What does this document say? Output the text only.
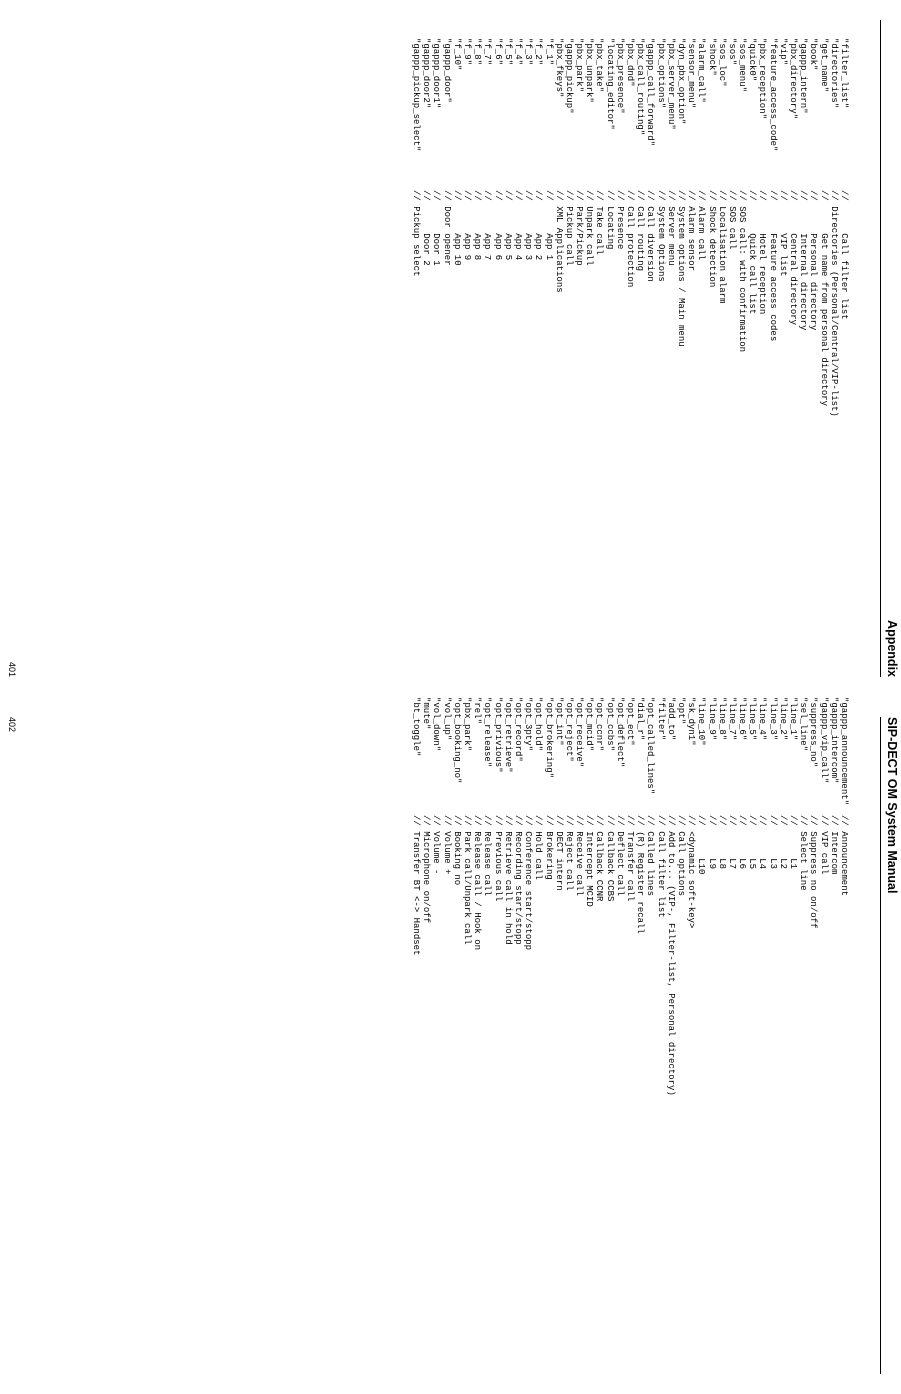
Appendix
"filter_list"
//      Call filter list
"directories"
// Directories (Personal/Central/VIP-list)
"get_name"
//      Get name from personal directory
"book"
//      Personal directory
"gappp_intern"
//      Internal directory
"pbx_directory"
//      Central directory
"vip"
//      VIP list
"feature_access_code"
//      Feature access codes
"pbx_reception"
//      Hotel reception
"quick0"
//      Quick call list
"sos_menu"
// SOS call: with confirmation
"sos"
// SOS call
"sos_loc"
// Localisation alarm
"shock"
// Shock detection
"alarm_call"
// Alarm call
"sensor_menu"
// Alarm sensor
"dyn_pbx_option"
// System options / Main menu
"pbx_server_menu"
// Server menu
"pbx_options"
// System Options
"gappp_call_forward"
// Call diversion
"pbx_call_routing"
// Call routing
"pbx_dnd"
// Call protection
"pbx_presence"
// Presence
"locating_editor"
// Locating
"pbx_take"
// Take call
"pbx_unpark"
// Unpark call
"pbx_park"
// Park/Pickup
"gappp_pickup"
// Pickup call
"pbx_fkeys"
// XML Applications
"f_1"
//      App 1
"f_2"
//      App 2
"f_3"
//      App 3
"f_4"
//      App 4
"f_5"
//      App 5
"f_6"
//      App 6
"f_7"
//      App 7
"f_8"
//      App 8
"f_9"
//      App 9
"f_10"
//      App 10
"gappp_door"
// Door opener
"gappp_door1"
//      Door 1
"gappp_door2"
//      Door 2
"gappp_pickup_select"
// Pickup select
401
SIP-DECT OM System Manual
"gappp_announcement"
// Announcement
"gappp_intercom"
// Intercom
"gappp_vip_call"
// VIP call
"suppress_no"
// Suppress no on/off
"sel_line"
// Select line
"line_1"
//      L1
"line_2"
//      L2
"line_3"
//      L3
"line_4"
//      L4
"line_5"
//      L5
"line_6"
//      L6
"line_7"
//      L7
"line_8"
//      L8
"line_9"
//      L9
"line_10"
//      L10
"sk_dyn1"
// <dynamic soft-key>
"opt"
// Call options
"add_to"
// Add to... (VIP-, Filter-list, Personal directory)
"filter"
// Call filter list
"opt_called_lines"
// Called lines
"dial_r"
// (R) Register recall
"opt_ect"
// Transfer call
"opt_deflect"
// Deflect call
"opt_ccbs"
// Callback CCBS
"opt_ccnr"
// Callback CCNR
"opt_mcid"
// Intercept MCID
"opt_receive"
// Receive call
"opt_reject"
// Reject call
"opt_int"
// DECT intern
"opt_brokering"
// Brokering
"opt_hold"
// Hold call
"opt_3pty"
// Conference start/stopp
"opt_record"
// Recording start/stopp
"opt_retrieve"
// Retrieve call in hold
"opt_privious"
// Previous call
"opt_release"
// Release call
"rel"
// Release call / Hook on
"pbx_park"
// Park call/Unpark call
"opt_booking_no"
// Booking no
"vol_up"
// Volume +
"vol_down"
// Volume -
"mute"
// Microphone on/off
"bt_toggle"
// Transfer BT <-> Handset
402
